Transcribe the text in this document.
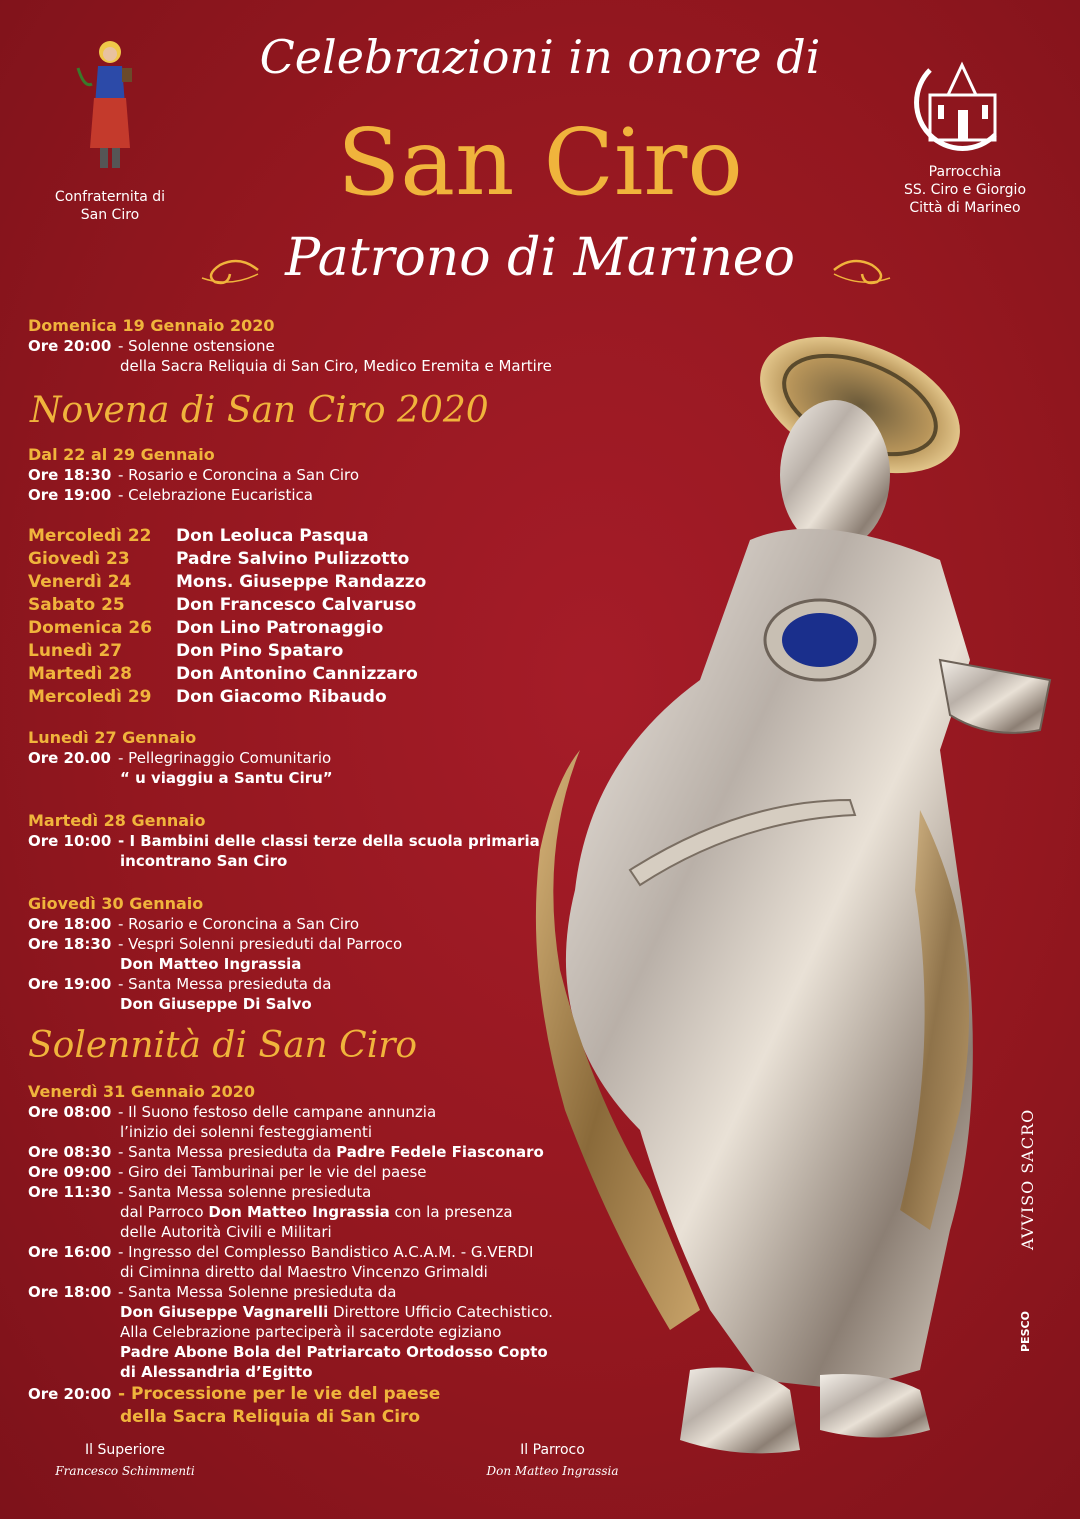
Celebrazioni in onore di
San Ciro
Patrono di Marineo
Confraternita di
San Ciro
Parrocchia
SS. Ciro e Giorgio
Città di Marineo
Domenica 19 Gennaio 2020
Ore 20:00 - Solenne ostensione
della Sacra Reliquia di San Ciro, Medico Eremita e Martire
Novena di San Ciro 2020
Dal 22 al 29 Gennaio
Ore 18:30 - Rosario e Coroncina a San Ciro
Ore 19:00 - Celebrazione Eucaristica
Mercoledì 22 Don Leoluca Pasqua
Giovedì 23	Padre Salvino Pulizzotto
Venerdì 24	Mons. Giuseppe Randazzo
Sabato 25	Don Francesco Calvaruso
Domenica 26 Don Lino Patronaggio
Lunedì 27	Don Pino Spataro
Martedì 28	Don Antonino Cannizzaro
Mercoledì 29 Don Giacomo Ribaudo
Lunedì 27 Gennaio
Ore 20.00 - Pellegrinaggio Comunitario
“ u viaggiu a Santu Ciru”
Martedì 28 Gennaio
Ore 10:00 - I Bambini delle classi terze della scuola primaria
incontrano San Ciro
Giovedì 30 Gennaio
Ore 18:00 - Rosario e Coroncina a San Ciro
Ore 18:30 - Vespri Solenni presieduti dal Parroco
Don Matteo Ingrassia
Ore 19:00 - Santa Messa presieduta da
Don Giuseppe Di Salvo
Solennità di San Ciro
Venerdì 31 Gennaio 2020
Ore 08:00 - Il Suono festoso delle campane annunzia
l’inizio dei solenni festeggiamenti
Ore 08:30 - Santa Messa presieduta da Padre Fedele Fiasconaro
Ore 09:00 - Giro dei Tamburinai per le vie del paese
Ore 11:30 - Santa Messa solenne presieduta
dal Parroco Don Matteo Ingrassia con la presenza
delle Autorità Civili e Militari
Ore 16:00 - Ingresso del Complesso Bandistico A.C.A.M. - G.VERDI
di Ciminna diretto dal Maestro Vincenzo Grimaldi
Ore 18:00 - Santa Messa Solenne presieduta da
Don Giuseppe Vagnarelli Direttore Ufficio Catechistico.
Alla Celebrazione parteciperà il sacerdote egiziano
Padre Abone Bola del Patriarcato Ortodosso Copto
di Alessandria d’Egitto
Ore 20:00 - Processione per le vie del paese
della Sacra Reliquia di San Ciro
Il Superiore
Francesco Schimmenti
Il Parroco
Don Matteo Ingrassia
AVVISO SACRO
PESCO
